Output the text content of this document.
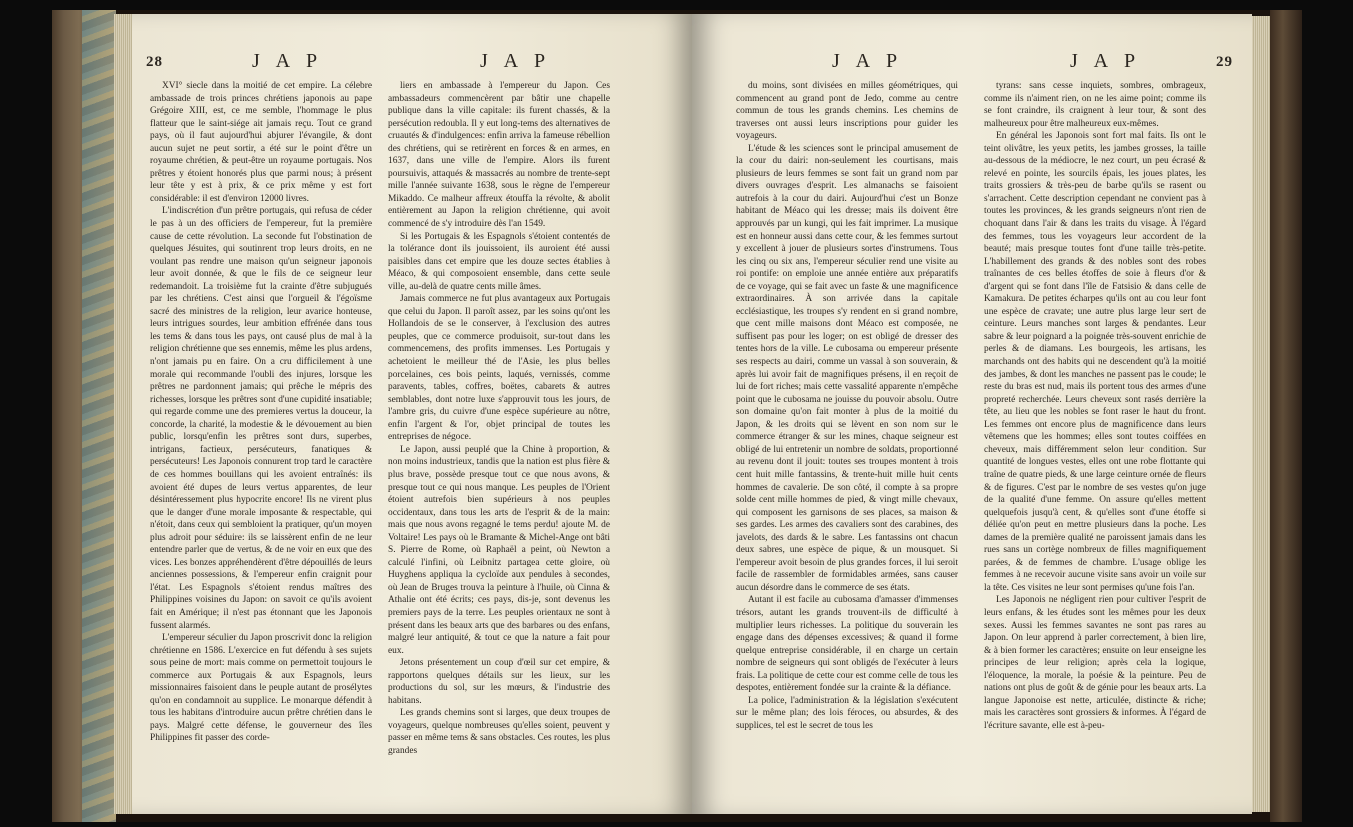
28	J A P	J A P

XVI° siecle dans la moitié de cet empire. La célebre ambassade de trois princes chrétiens japonois au pape Grégoire XIII, est, ce me semble, l'hommage le plus flatteur que le saint-siége ait jamais reçu. Tout ce grand pays, où il faut aujourd'hui abjurer l'évangile, & dont aucun sujet ne peut sortir, a été sur le point d'être un royaume chrétien, & peut-être un royaume portugais. Nos prêtres y étoient honorés plus que parmi nous; à présent leur tête y est à prix, & ce prix même y est fort considérable: il est d'environ 12000 livres.

L'indiscrétion d'un prêtre portugais, qui refusa de céder le pas à un des officiers de l'empereur, fut la première cause de cette révolution. La seconde fut l'obstination de quelques Jésuites, qui soutinrent trop leurs droits, en ne voulant pas rendre une maison qu'un seigneur japonois leur avoit donnée, & que le fils de ce seigneur leur redemandoit. La troisième fut la crainte d'être subjugués par les chrétiens. C'est ainsi que l'orgueil & l'égoïsme sacré des ministres de la religion, leur avarice honteuse, leurs intrigues sourdes, leur ambition effrénée dans tous les tems & dans tous les pays, ont causé plus de mal à la religion chrétienne que ses ennemis, même les plus ardens, n'ont jamais pu en faire. On a cru difficilement à une morale qui recommande l'oubli des injures, lorsque les prêtres ne pardonnent jamais; qui prêche le mépris des richesses, lorsque les prêtres sont d'une cupidité insatiable; qui regarde comme une des premieres vertus la douceur, la concorde, la charité, la modestie & le dévouement au bien public, lorsqu'enfin les prêtres sont durs, superbes, intrigans, factieux, persécuteurs, fanatiques & persécuteurs! Les Japonois connurent trop tard le caractère de ces hommes bouillans qui les avoient entraînés: ils avoient été dupes de leurs vertus apparentes, de leur désintéressement plus hypocrite encore! Ils ne virent plus que le danger d'une morale imposante & respectable, qui n'étoit, dans ceux qui sembloient la pratiquer, qu'un moyen plus adroit pour séduire: ils se laissèrent enfin de ne leur entendre parler que de vertus, & de ne voir en eux que des vices. Les bonzes appréhendèrent d'être dépouillés de leurs anciennes possessions, & l'empereur enfin craignit pour l'état. Les Espagnols s'étoient rendus maîtres des Philippines voisines du Japon: on savoit ce qu'ils avoient fait en Amérique; il n'est pas étonnant que les Japonois fussent alarmés.

L'empereur séculier du Japon proscrivit donc la religion chrétienne en 1586. L'exercice en fut défendu à ses sujets sous peine de mort: mais comme on permettoit toujours le commerce aux Portugais & aux Espagnols, leurs missionnaires faisoient dans le peuple autant de prosélytes qu'on en condamnoit au supplice. Le monarque défendit à tous les habitans d'introduire aucun prêtre chrétien dans le pays. Malgré cette défense, le gouverneur des îles Philippines fit passer des corde-

liers en ambassade à l'empereur du Japon. Ces ambassadeurs commencèrent par bâtir une chapelle publique dans la ville capitale: ils furent chassés, & la persécution redoubla. Il y eut long-tems des alternatives de cruautés & d'indulgences: enfin arriva la fameuse rébellion des chrétiens, qui se retirèrent en forces & en armes, en 1637, dans une ville de l'empire. Alors ils furent poursuivis, attaqués & massacrés au nombre de trente-sept mille l'année suivante 1638, sous le règne de l'empereur Mikaddo. Ce malheur affreux étouffa la révolte, & abolit entièrement au Japon la religion chrétienne, qui avoit commencé de s'y introduire dès l'an 1549.

Si les Portugais & les Espagnols s'étoient contentés de la tolérance dont ils jouissoient, ils auroient été aussi paisibles dans cet empire que les douze sectes établies à Méaco, & qui composoient ensemble, dans cette seule ville, au-delà de quatre cents mille âmes.

Jamais commerce ne fut plus avantageux aux Portugais que celui du Japon. Il paroît assez, par les soins qu'ont les Hollandois de se le conserver, à l'exclusion des autres peuples, que ce commerce produisoit, sur-tout dans les commencemens, des profits immenses. Les Portugais y achetoient le meilleur thé de l'Asie, les plus belles porcelaines, ces bois peints, laqués, vernissés, comme paravents, tables, coffres, boëtes, cabarets & autres semblables, dont notre luxe s'approuvit tous les jours, de l'ambre gris, du cuivre d'une espèce supérieure au nôtre, enfin l'argent & l'or, objet principal de toutes les entreprises de négoce.

Le Japon, aussi peuplé que la Chine à proportion, & non moins industrieux, tandis que la nation est plus fière & plus brave, possède presque tout ce que nous avons, & presque tout ce qui nous manque. Les peuples de l'Orient étoient autrefois bien supérieurs à nos peuples occidentaux, dans tous les arts de l'esprit & de la main: mais que nous avons regagné le tems perdu! ajoute M. de Voltaire! Les pays où le Bramante & Michel-Ange ont bâti S. Pierre de Rome, où Raphaël a peint, où Newton a calculé l'infini, où Leibnitz partagea cette gloire, où Huyghens appliqua la cycloïde aux pendules à secondes, où Jean de Bruges trouva la peinture à l'huile, où Cinna & Athalie ont été écrits; ces pays, dis-je, sont devenus les premiers pays de la terre. Les peuples orientaux ne sont à présent dans les beaux arts que des barbares ou des enfans, malgré leur antiquité, & tout ce que la nature a fait pour eux.

Jetons présentement un coup d'œil sur cet empire, & rapportons quelques détails sur les lieux, sur les productions du sol, sur les mœurs, & l'industrie des habitans.

Les grands chemins sont si larges, que deux troupes de voyageurs, quelque nombreuses qu'elles soient, peuvent y passer en même tems & sans obstacles. Ces routes, les plus grandes

J A P	J A P	29

du moins, sont divisées en milles géométriques, qui commencent au grand pont de Jedo, comme au centre commun de tous les grands chemins. Les chemins de traverses ont aussi leurs inscriptions pour guider les voyageurs.

L'étude & les sciences sont le principal amusement de la cour du dairi: non-seulement les courtisans, mais plusieurs de leurs femmes se sont fait un grand nom par divers ouvrages d'esprit. Les almanachs se faisoient autrefois à la cour du dairi. Aujourd'hui c'est un Bonze habitant de Méaco qui les dresse; mais ils doivent être approuvés par un kungi, qui les fait imprimer. La musique est en honneur aussi dans cette cour, & les femmes surtout y excellent à jouer de plusieurs sortes d'instrumens. Tous les cinq ou six ans, l'empereur séculier rend une visite au roi pontife: on emploie une année entière aux préparatifs de ce voyage, qui se fait avec un faste & une magnificence extraordinaires. À son arrivée dans la capitale ecclésiastique, les troupes s'y rendent en si grand nombre, que cent mille maisons dont Méaco est composée, ne suffisent pas pour les loger; on est obligé de dresser des tentes hors de la ville. Le cubosama ou empereur présente ses respects au dairi, comme un vassal à son souverain, & après lui avoir fait de magnifiques présens, il en reçoit de lui de fort riches; mais cette vassalité apparente n'empêche point que le cubosama ne jouisse du pouvoir absolu. Outre son domaine qu'on fait monter à plus de la moitié du Japon, & les droits qui se lèvent en son nom sur le commerce étranger & sur les mines, chaque seigneur est obligé de lui entretenir un nombre de soldats, proportionné au revenu dont il jouit: toutes ses troupes montent à trois cent huit mille fantassins, & trente-huit mille huit cents hommes de cavalerie. De son côté, il compte à sa propre solde cent mille hommes de pied, & vingt mille chevaux, qui composent les garnisons de ses places, sa maison & ses gardes. Les armes des cavaliers sont des carabines, des javelots, des dards & le sabre. Les fantassins ont chacun deux sabres, une espèce de pique, & un mousquet. Si l'empereur avoit besoin de plus grandes forces, il lui seroit facile de rassembler de formidables armées, sans causer aucun désordre dans le commerce de ses états.

Autant il est facile au cubosama d'amasser d'immenses trésors, autant les grands trouvent-ils de difficulté à multiplier leurs richesses. La politique du souverain les engage dans des dépenses excessives; & quand il forme quelque entreprise considérable, il en charge un certain nombre de seigneurs qui sont obligés de l'exécuter à leurs frais. La politique de cette cour est comme celle de tous les despotes, entièrement fondée sur la crainte & la défiance.

La police, l'administration & la législation s'exécutent sur le même plan; des lois féroces, ou absurdes, & des supplices, tel est le secret de tous les

tyrans: sans cesse inquiets, sombres, ombrageux, comme ils n'aiment rien, on ne les aime point; comme ils se font craindre, ils craignent à leur tour, & sont des malheureux pour être malheureux eux-mêmes.

En général les Japonois sont fort mal faits. Ils ont le teint olivâtre, les yeux petits, les jambes grosses, la taille au-dessous de la médiocre, le nez court, un peu écrasé & relevé en pointe, les sourcils épais, les joues plates, les traits grossiers & très-peu de barbe qu'ils se rasent ou s'arrachent. Cette description cependant ne convient pas à toutes les provinces, & les grands seigneurs n'ont rien de choquant dans l'air & dans les traits du visage. À l'égard des femmes, tous les voyageurs leur accordent de la beauté; mais presque toutes font d'une taille très-petite. L'habillement des grands & des nobles sont des robes traînantes de ces belles étoffes de soie à fleurs d'or & d'argent qui se font dans l'île de Fatsisio & dans celle de Kamakura. De petites écharpes qu'ils ont au cou leur font une espèce de cravate; une autre plus large leur sert de ceinture. Leurs manches sont larges & pendantes. Leur sabre & leur poignard a la poignée très-souvent enrichie de perles & de diamans. Les bourgeois, les artisans, les marchands ont des habits qui ne descendent qu'à la moitié des jambes, & dont les manches ne passent pas le coude; le reste du bras est nud, mais ils portent tous des armes d'une propreté recherchée. Leurs cheveux sont rasés derrière la tête, au lieu que les nobles se font raser le haut du front. Les femmes ont encore plus de magnificence dans leurs vêtemens que les hommes; elles sont toutes coiffées en cheveux, mais différemment selon leur condition. Sur quantité de longues vestes, elles ont une robe flottante qui traîne de quatre pieds, & une large ceinture ornée de fleurs & de figures. C'est par le nombre de ses vestes qu'on juge de la qualité d'une femme. On assure qu'elles mettent quelquefois jusqu'à cent, & qu'elles sont d'une étoffe si déliée qu'on peut en mettre plusieurs dans la poche. Les dames de la première qualité ne paroissent jamais dans les rues sans un cortège nombreux de filles magnifiquement parées, & de femmes de chambre. L'usage oblige les femmes à ne recevoir aucune visite sans avoir un voile sur la tête. Ces visites ne leur sont permises qu'une fois l'an.

Les Japonois ne négligent rien pour cultiver l'esprit de leurs enfans, & les études sont les mêmes pour les deux sexes. Aussi les femmes savantes ne sont pas rares au Japon. On leur apprend à parler correctement, à bien lire, & à bien former les caractères; ensuite on leur enseigne les principes de leur religion; après cela la logique, l'éloquence, la morale, la poésie & la peinture. Peu de nations ont plus de goût & de génie pour les beaux arts. La langue Japonoise est nette, articulée, distincte & riche; mais les caractères sont grossiers & informes. À l'égard de l'écriture savante, elle est à-peu-
